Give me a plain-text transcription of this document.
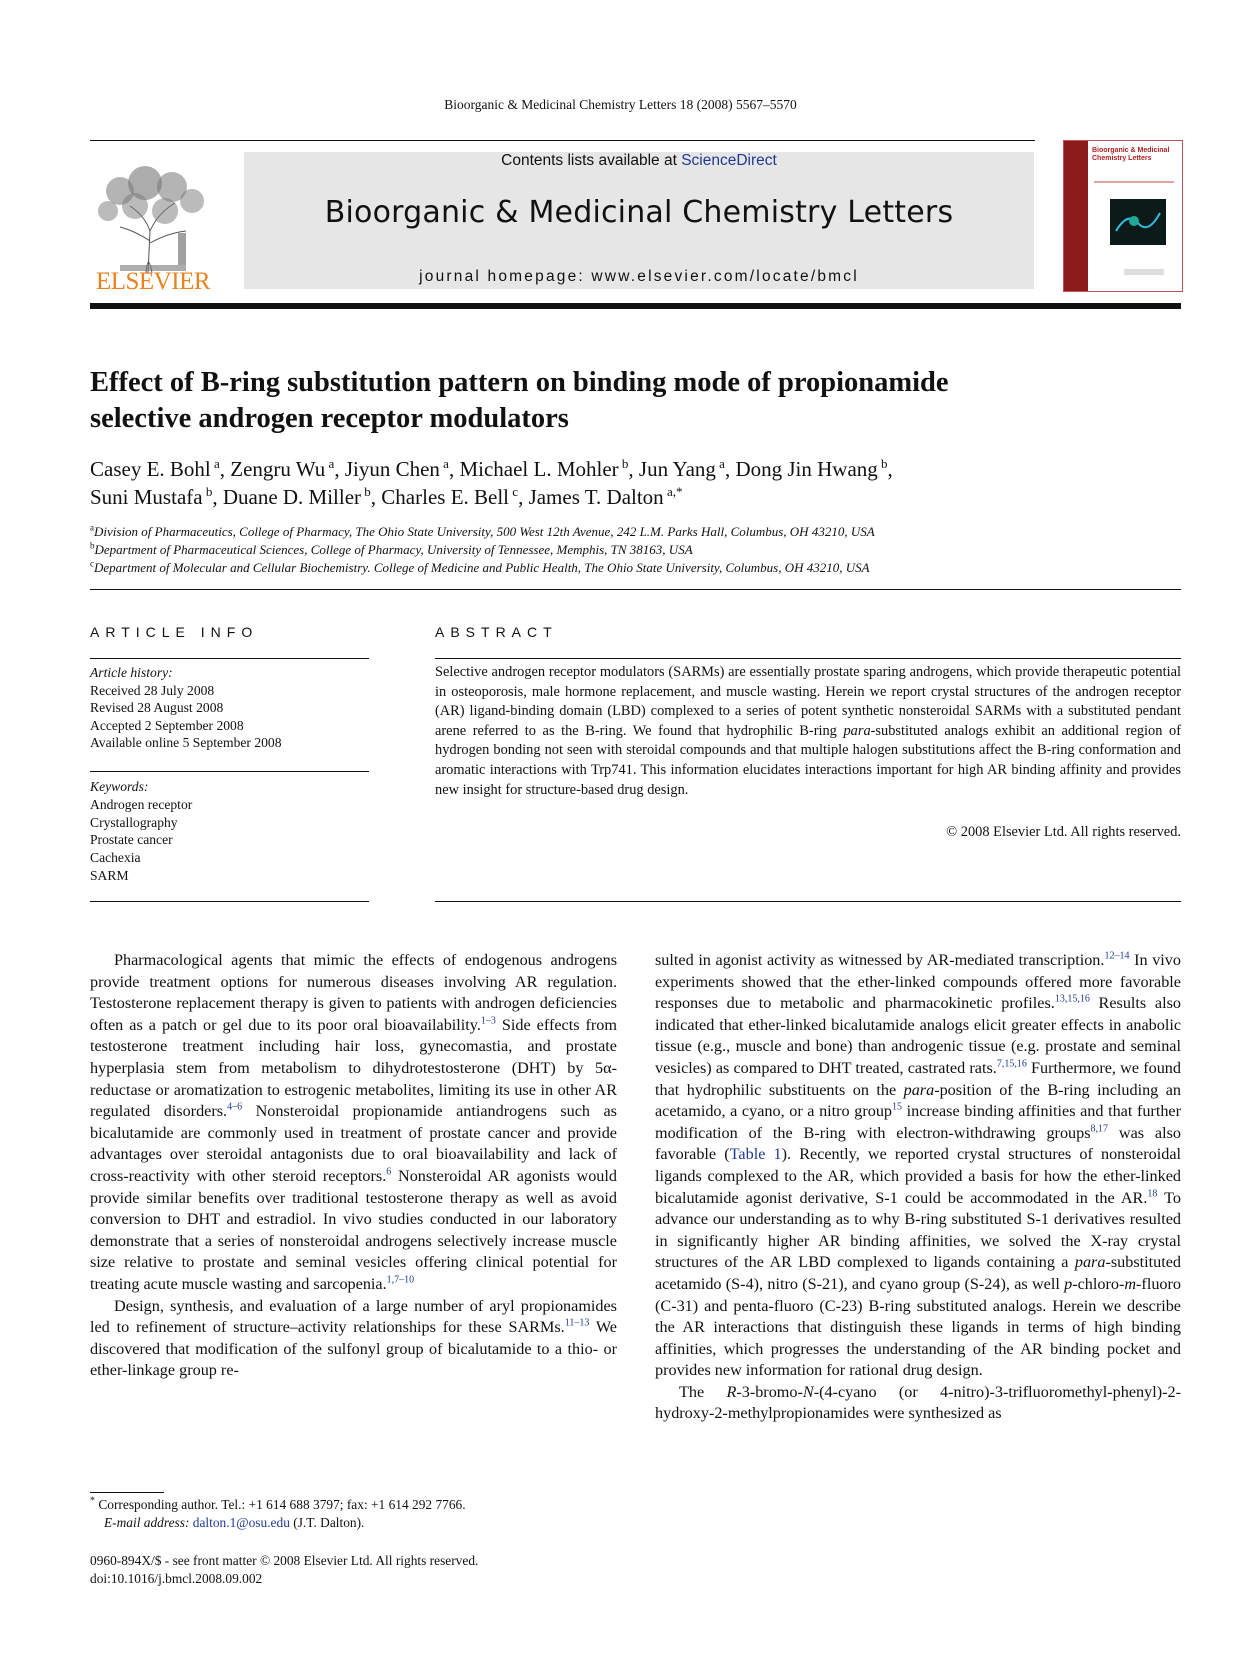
Bioorganic & Medicinal Chemistry Letters 18 (2008) 5567–5570
ELSEVIER
Contents lists available at ScienceDirect
Bioorganic & Medicinal Chemistry Letters
journal homepage: www.elsevier.com/locate/bmcl
Bioorganic & Medicinal Chemistry Letters
Effect of B-ring substitution pattern on binding mode of propionamide
selective androgen receptor modulators
Casey E. Bohl $^a$, Zengru Wu $^a$, Jiyun Chen $^a$, Michael L. Mohler $^b$, Jun Yang $^a$, Dong Jin Hwang $^b$,
Suni Mustafa $^b$, Duane D. Miller $^b$, Charles E. Bell $^c$, James T. Dalton $^{a,*}$
$^a$Division of Pharmaceutics, College of Pharmacy, The Ohio State University, 500 West 12th Avenue, 242 L.M. Parks Hall, Columbus, OH 43210, USA
$^b$Department of Pharmaceutical Sciences, College of Pharmacy, University of Tennessee, Memphis, TN 38163, USA
$^c$Department of Molecular and Cellular Biochemistry. College of Medicine and Public Health, The Ohio State University, Columbus, OH 43210, USA
ARTICLE INFO
Article history:
Received 28 July 2008
Revised 28 August 2008
Accepted 2 September 2008
Available online 5 September 2008
Keywords:
Androgen receptor
Crystallography
Prostate cancer
Cachexia
SARM
ABSTRACT
Selective androgen receptor modulators (SARMs) are essentially prostate sparing androgens, which provide therapeutic potential in osteoporosis, male hormone replacement, and muscle wasting. Herein we report crystal structures of the androgen receptor (AR) ligand-binding domain (LBD) complexed to a series of potent synthetic nonsteroidal SARMs with a substituted pendant arene referred to as the B-ring. We found that hydrophilic B-ring para-substituted analogs exhibit an additional region of hydrogen bonding not seen with steroidal compounds and that multiple halogen substitutions affect the B-ring conformation and aromatic interactions with Trp741. This information elucidates interactions important for high AR binding affinity and provides new insight for structure-based drug design.
© 2008 Elsevier Ltd. All rights reserved.

Pharmacological agents that mimic the effects of endogenous androgens provide treatment options for numerous diseases involving AR regulation. Testosterone replacement therapy is given to patients with androgen deficiencies often as a patch or gel due to its poor oral bioavailability.$^{1-3}$ Side effects from testosterone treatment including hair loss, gynecomastia, and prostate hyperplasia stem from metabolism to dihydrotestosterone (DHT) by 5α-reductase or aromatization to estrogenic metabolites, limiting its use in other AR regulated disorders.$^{4-6}$ Nonsteroidal propionamide antiandrogens such as bicalutamide are commonly used in treatment of prostate cancer and provide advantages over steroidal antagonists due to oral bioavailability and lack of cross-reactivity with other steroid receptors.$^6$ Nonsteroidal AR agonists would provide similar benefits over traditional testosterone therapy as well as avoid conversion to DHT and estradiol. In vivo studies conducted in our laboratory demonstrate that a series of nonsteroidal androgens selectively increase muscle size relative to prostate and seminal vesicles offering clinical potential for treating acute muscle wasting and sarcopenia.$^{1,7-10}$

Design, synthesis, and evaluation of a large number of aryl propionamides led to refinement of structure–activity relationships for these SARMs.$^{11-13}$ We discovered that modification of the sulfonyl group of bicalutamide to a thio- or ether-linkage group re-

sulted in agonist activity as witnessed by AR-mediated transcription.$^{12-14}$ In vivo experiments showed that the ether-linked compounds offered more favorable responses due to metabolic and pharmacokinetic profiles.$^{13,15,16}$ Results also indicated that ether-linked bicalutamide analogs elicit greater effects in anabolic tissue (e.g., muscle and bone) than androgenic tissue (e.g. prostate and seminal vesicles) as compared to DHT treated, castrated rats.$^{7,15,16}$ Furthermore, we found that hydrophilic substituents on the para-position of the B-ring including an acetamido, a cyano, or a nitro group$^{15}$ increase binding affinities and that further modification of the B-ring with electron-withdrawing groups$^{8,17}$ was also favorable (Table 1). Recently, we reported crystal structures of nonsteroidal ligands complexed to the AR, which provided a basis for how the ether-linked bicalutamide agonist derivative, S-1 could be accommodated in the AR.$^{18}$ To advance our understanding as to why B-ring substituted S-1 derivatives resulted in significantly higher AR binding affinities, we solved the X-ray crystal structures of the AR LBD complexed to ligands containing a para-substituted acetamido (S-4), nitro (S-21), and cyano group (S-24), as well p-chloro-m-fluoro (C-31) and penta-fluoro (C-23) B-ring substituted analogs. Herein we describe the AR interactions that distinguish these ligands in terms of high binding affinities, which progresses the understanding of the AR binding pocket and provides new information for rational drug design.

The R-3-bromo-N-(4-cyano (or 4-nitro)-3-trifluoromethyl-phenyl)-2-hydroxy-2-methylpropionamides were synthesized as

* Corresponding author. Tel.: +1 614 688 3797; fax: +1 614 292 7766.
E-mail address: dalton.1@osu.edu (J.T. Dalton).
0960-894X/$ - see front matter © 2008 Elsevier Ltd. All rights reserved.
doi:10.1016/j.bmcl.2008.09.002
